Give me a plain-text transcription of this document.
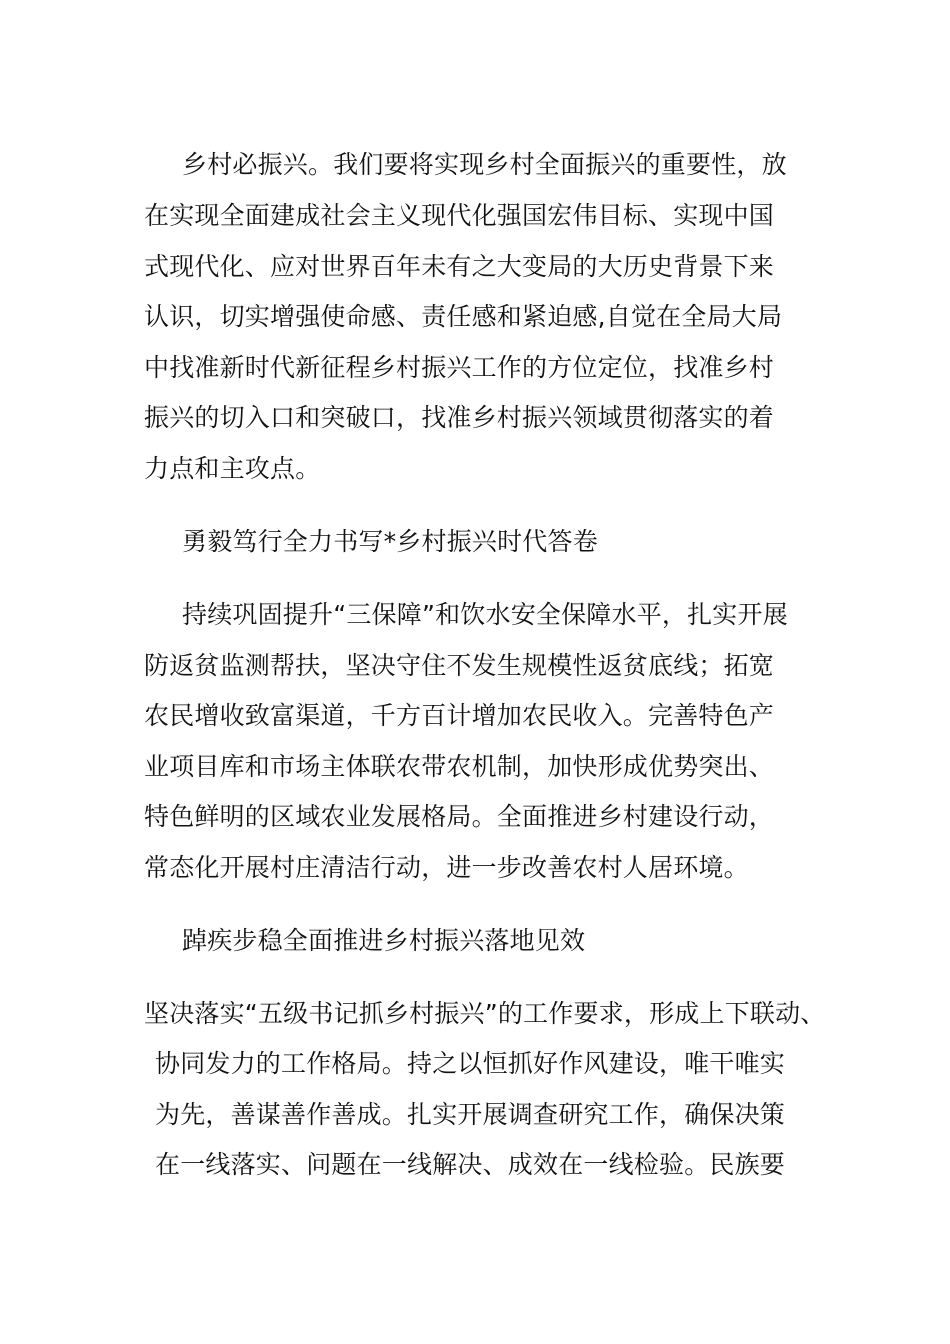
乡村必振兴。我们要将实现乡村全面振兴的重要性，放
在实现全面建成社会主义现代化强国宏伟目标、实现中国
式现代化、应对世界百年未有之大变局的大历史背景下来
认识，切实增强使命感、责任感和紧迫感,自觉在全局大局
中找准新时代新征程乡村振兴工作的方位定位，找准乡村
振兴的切入口和突破口，找准乡村振兴领域贯彻落实的着
力点和主攻点。
勇毅笃行全力书写*乡村振兴时代答卷
持续巩固提升“三保障”和饮水安全保障水平，扎实开展
防返贫监测帮扶，坚决守住不发生规模性返贫底线；拓宽
农民增收致富渠道，千方百计增加农民收入。完善特色产
业项目库和市场主体联农带农机制，加快形成优势突出、
特色鲜明的区域农业发展格局。全面推进乡村建设行动，
常态化开展村庄清洁行动，进一步改善农村人居环境。
踔疾步稳全面推进乡村振兴落地见效
坚决落实“五级书记抓乡村振兴”的工作要求，形成上下联动、
协同发力的工作格局。持之以恒抓好作风建设，唯干唯实
为先，善谋善作善成。扎实开展调查研究工作，确保决策
在一线落实、问题在一线解决、成效在一线检验。民族要
